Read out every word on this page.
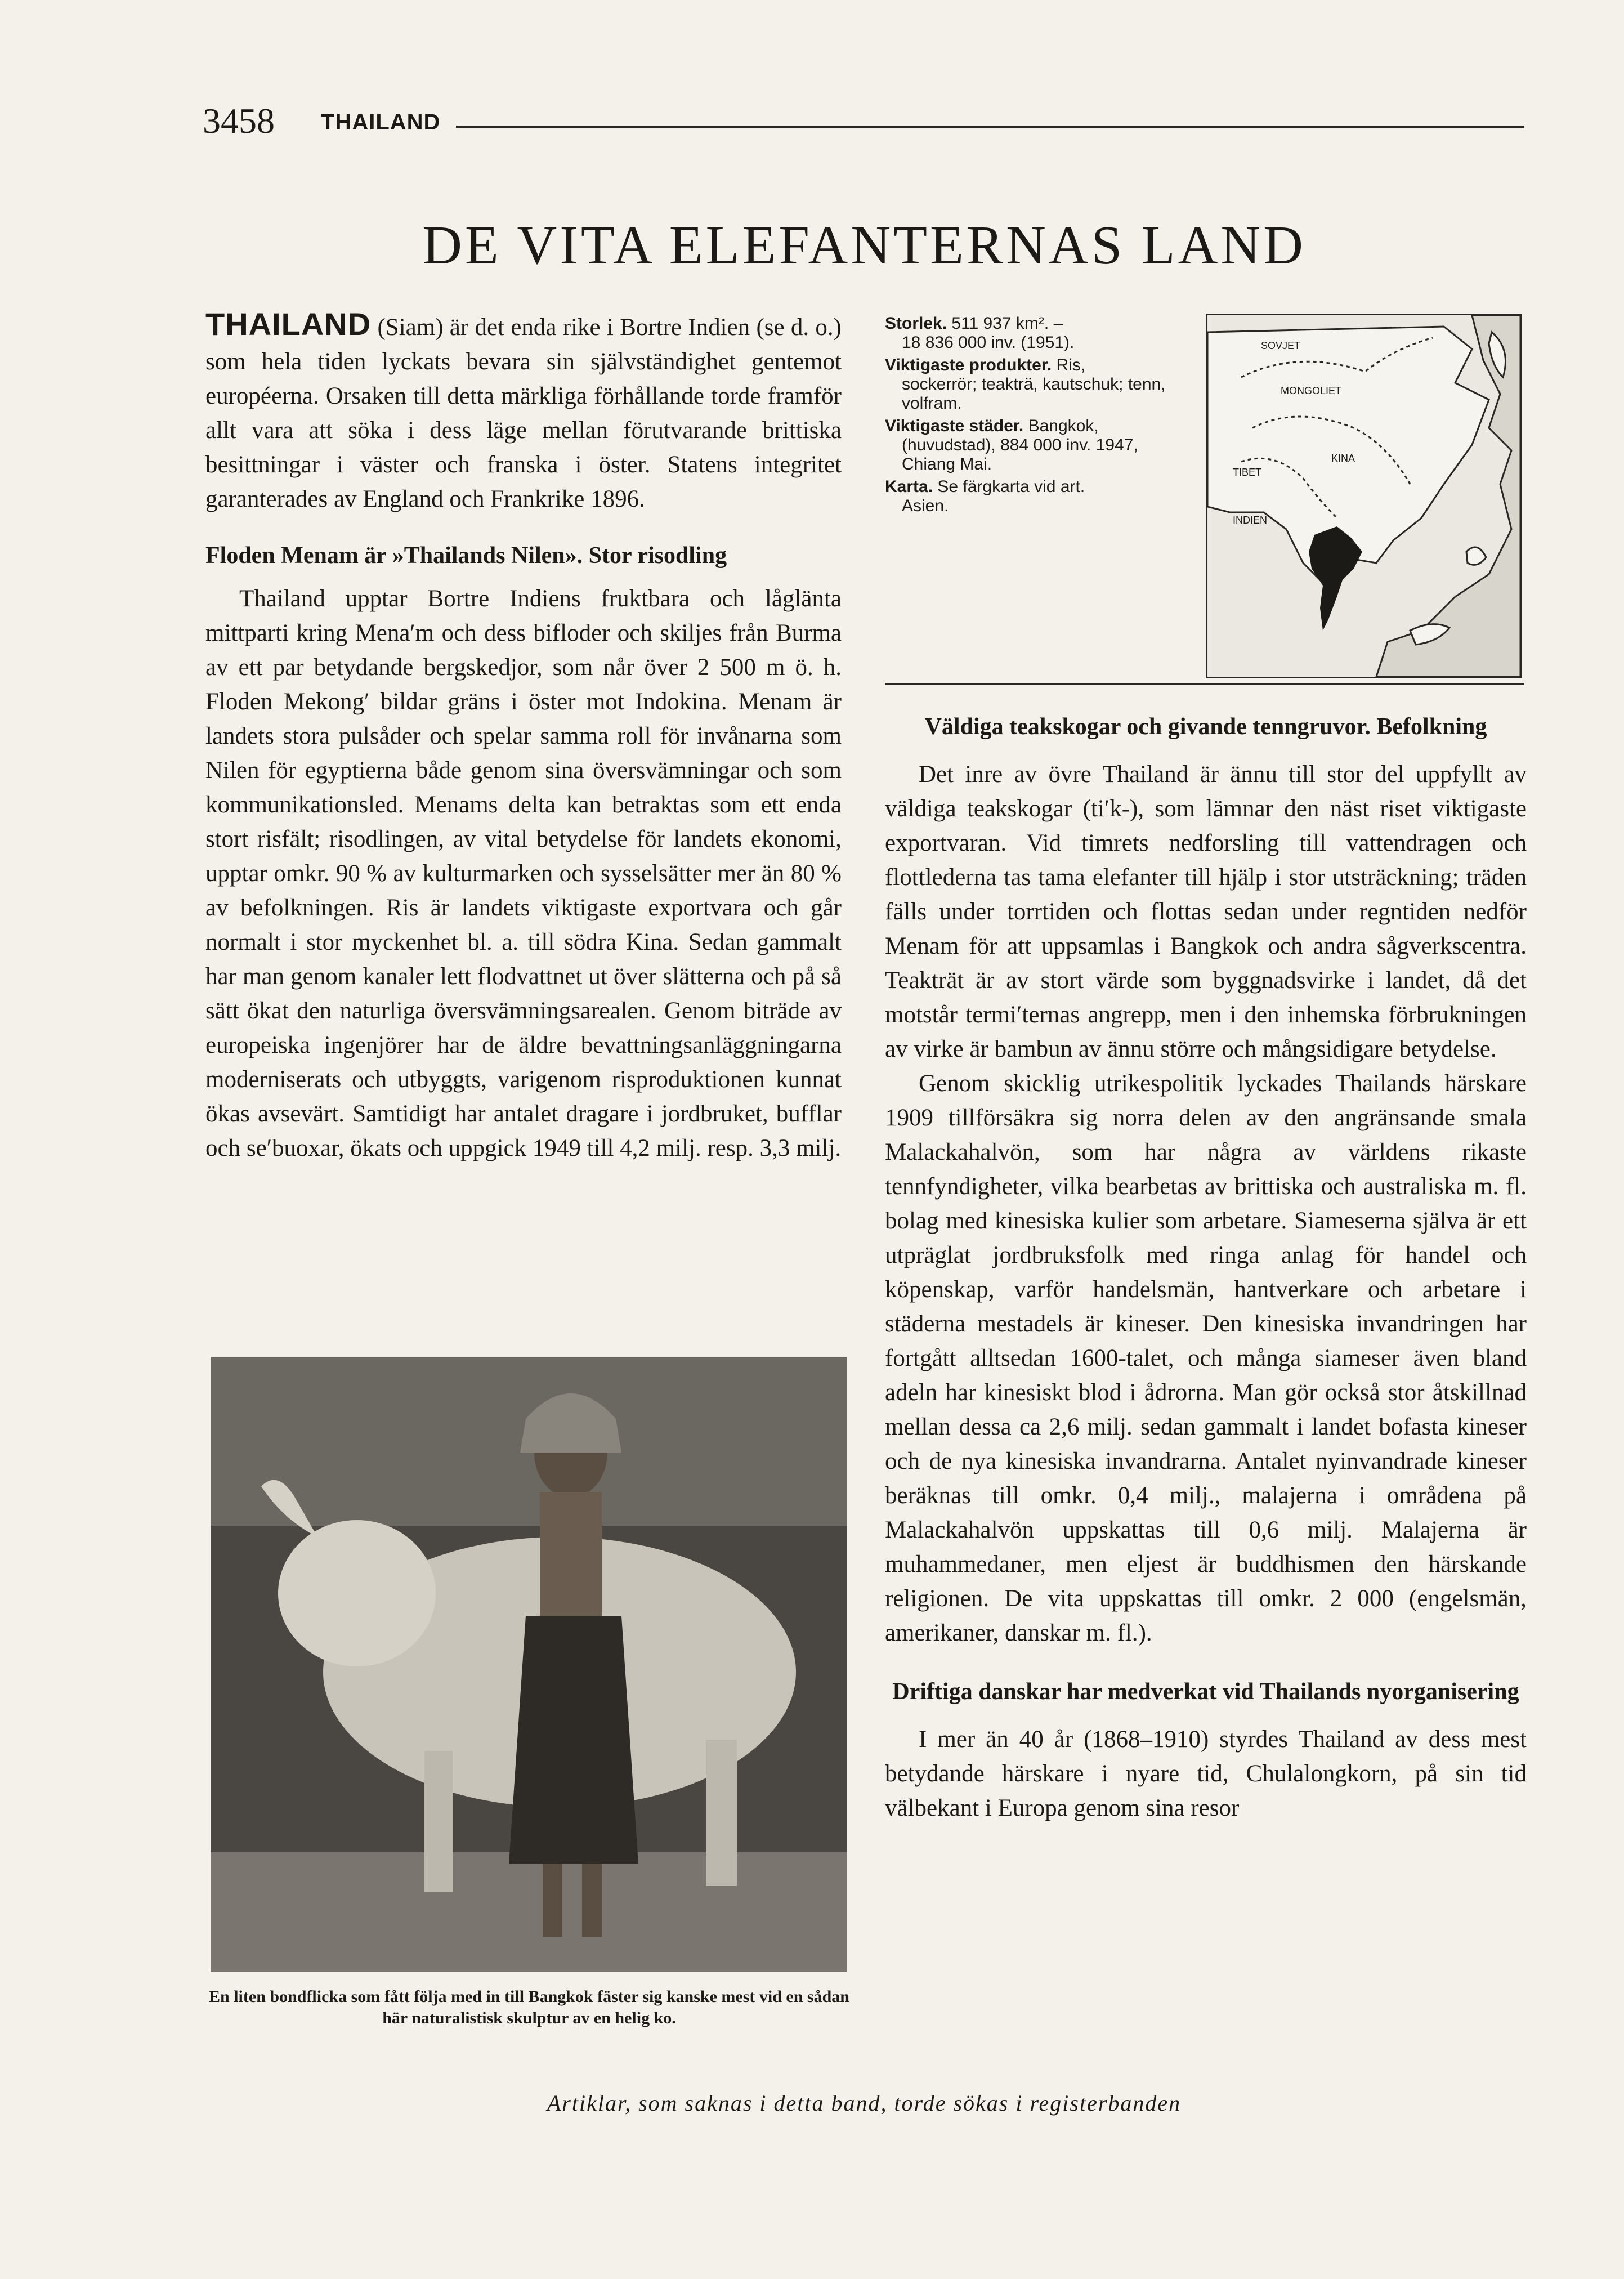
3458 THAILAND
DE VITA ELEFANTERNAS LAND

THAILAND (Siam) är det enda rike i Bortre Indien (se d. o.) som hela tiden lyckats bevara sin självständighet gentemot européerna. Orsaken till detta märkliga förhållande torde framför allt vara att söka i dess läge mellan förutvarande brittiska besittningar i väster och franska i öster. Statens integritet garanterades av England och Frankrike 1896.

Floden Menam är »Thailands Nilen». Stor risodling

Thailand upptar Bortre Indiens fruktbara och låglänta mittparti kring Mena′m och dess bifloder och skiljes från Burma av ett par betydande bergskedjor, som når över 2 500 m ö. h. Floden Mekong′ bildar gräns i öster mot Indokina. Menam är landets stora pulsåder och spelar samma roll för invånarna som Nilen för egyptierna både genom sina översvämningar och som kommunikationsled. Menams delta kan betraktas som ett enda stort risfält; risodlingen, av vital betydelse för landets ekonomi, upptar omkr. 90 % av kulturmarken och sysselsätter mer än 80 % av befolkningen. Ris är landets viktigaste exportvara och går normalt i stor myckenhet bl. a. till södra Kina. Sedan gammalt har man genom kanaler lett flodvattnet ut över slätterna och på så sätt ökat den naturliga översvämningsarealen. Genom biträde av europeiska ingenjörer har de äldre bevattningsanläggningarna moderniserats och utbyggts, varigenom risproduktionen kunnat ökas avsevärt. Samtidigt har antalet dragare i jordbruket, bufflar och se′buoxar, ökats och uppgick 1949 till 4,2 milj. resp. 3,3 milj.

Storlek. 511 937 km². –
18 836 000 inv. (1951).
Viktigaste produkter. Ris,
sockerrör; teakträ, kautschuk; tenn, volfram.
Viktigaste städer. Bangkok,
(huvudstad), 884 000 inv. 1947, Chiang Mai.
Karta. Se färgkarta vid art.
Asien.
SOVJET
MONGOLIET
KINA
TIBET
INDIEN
Väldiga teakskogar och givande tenngruvor. Befolkning

Det inre av övre Thailand är ännu till stor del uppfyllt av väldiga teakskogar (ti′k-), som lämnar den näst riset viktigaste exportvaran. Vid timrets nedforsling till vattendragen och flottlederna tas tama elefanter till hjälp i stor utsträckning; träden fälls under torrtiden och flottas sedan under regntiden nedför Menam för att uppsamlas i Bangkok och andra sågverkscentra. Teakträt är av stort värde som byggnadsvirke i landet, då det motstår termi′ternas angrepp, men i den inhemska förbrukningen av virke är bambun av ännu större och mångsidigare betydelse.

Genom skicklig utrikespolitik lyckades Thailands härskare 1909 tillförsäkra sig norra delen av den angränsande smala Malackahalvön, som har några av världens rikaste tennfyndigheter, vilka bearbetas av brittiska och australiska m. fl. bolag med kinesiska kulier som arbetare. Siameserna själva är ett utpräglat jordbruksfolk med ringa anlag för handel och köpenskap, varför handelsmän, hantverkare och arbetare i städerna mestadels är kineser. Den kinesiska invandringen har fortgått alltsedan 1600-talet, och många siameser även bland adeln har kinesiskt blod i ådrorna. Man gör också stor åtskillnad mellan dessa ca 2,6 milj. sedan gammalt i landet bofasta kineser och de nya kinesiska invandrarna. Antalet nyinvandrade kineser beräknas till omkr. 0,4 milj., malajerna i områdena på Malackahalvön uppskattas till 0,6 milj. Malajerna är muhammedaner, men eljest är buddhismen den härskande religionen. De vita uppskattas till omkr. 2 000 (engelsmän, amerikaner, danskar m. fl.).

Driftiga danskar har medverkat vid Thailands nyorganisering

I mer än 40 år (1868–1910) styrdes Thailand av dess mest betydande härskare i nyare tid, Chulalongkorn, på sin tid välbekant i Europa genom sina resor

En liten bondflicka som fått följa med in till Bangkok fäster sig kanske mest vid en sådan här naturalistisk skulptur av en helig ko.
Artiklar, som saknas i detta band, torde sökas i registerbanden
